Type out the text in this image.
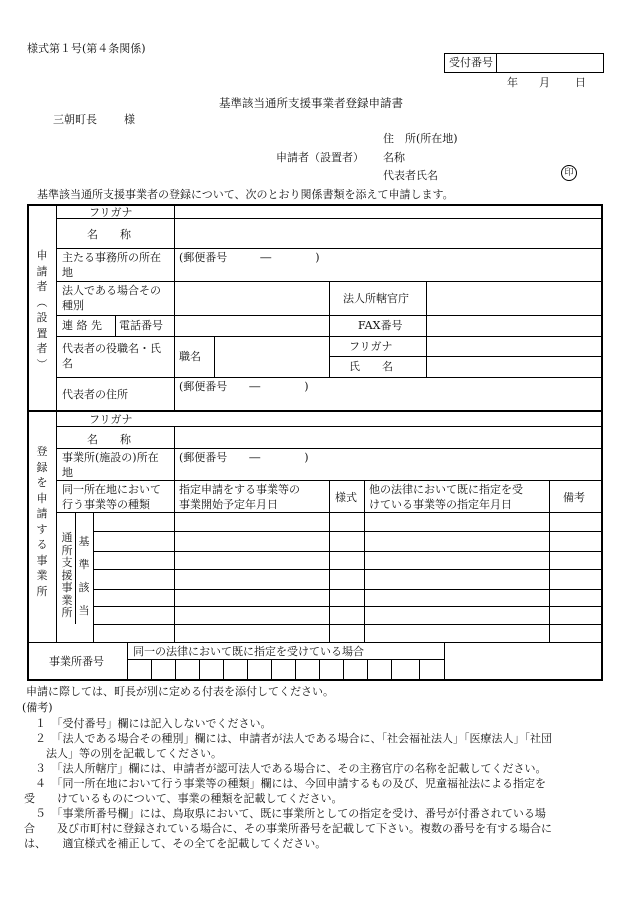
様式第１号(第４条関係)
受付番号
年 月 日
基準該当通所支援事業者登録申請書
三朝町長 様
住　所(所在地)
申請者（設置者） 名称
代表者氏名	印
基準該当通所支援事業者の登録について、次のとおり関係書類を添えて申請します。
申
請
者
︵
設
置
者
︶
フリガナ
名　　称
主たる事務所の所在
地
(郵便番号　　　―　　　　)
法人である場合その
種別
法人所轄官庁
連 絡 先 電話番号	FAX番号
代表者の役職名・氏
名
職名
フリガナ
氏　　名
代表者の住所
(郵便番号　　―　　　　)
登
録
を
申
請
す
る
事
業
所
フリガナ
名　　称
事業所(施設の)所在
地
(郵便番号　　―　　　　)
同一所在地において
行う事業等の種類
指定申請をする事業等の
事業開始予定年月日
様式
他の法律において既に指定を受
けている事業等の指定年月日
備考
通
所
支
援
事
業
所
基
準
該
当
事業所番号
同一の法律において既に指定を受けている場合
申請に際しては、町長が別に定める付表を添付してください。
(備考)
　１　「受付番号」欄には記入しないでください。
　２　「法人である場合その種別」欄には、申請者が法人である場合に、「社会福祉法人」「医療法人」「社団
　　法人」等の別を記載してください。
　３　「法人所轄庁」欄には、申請者が認可法人である場合に、その主務官庁の名称を記載してください。
　４　「同一所在地において行う事業等の種類」欄には、今回申請するもの及び、児童福祉法による指定を
受　　けているものについて、事業の種類を記載してください。
　５　「事業所番号欄」には、鳥取県において、既に事業所としての指定を受け、番号が付番されている場
合　　及び市町村に登録されている場合に、その事業所番号を記載して下さい。複数の番号を有する場合に
は、　　適宜様式を補正して、その全てを記載してください。
